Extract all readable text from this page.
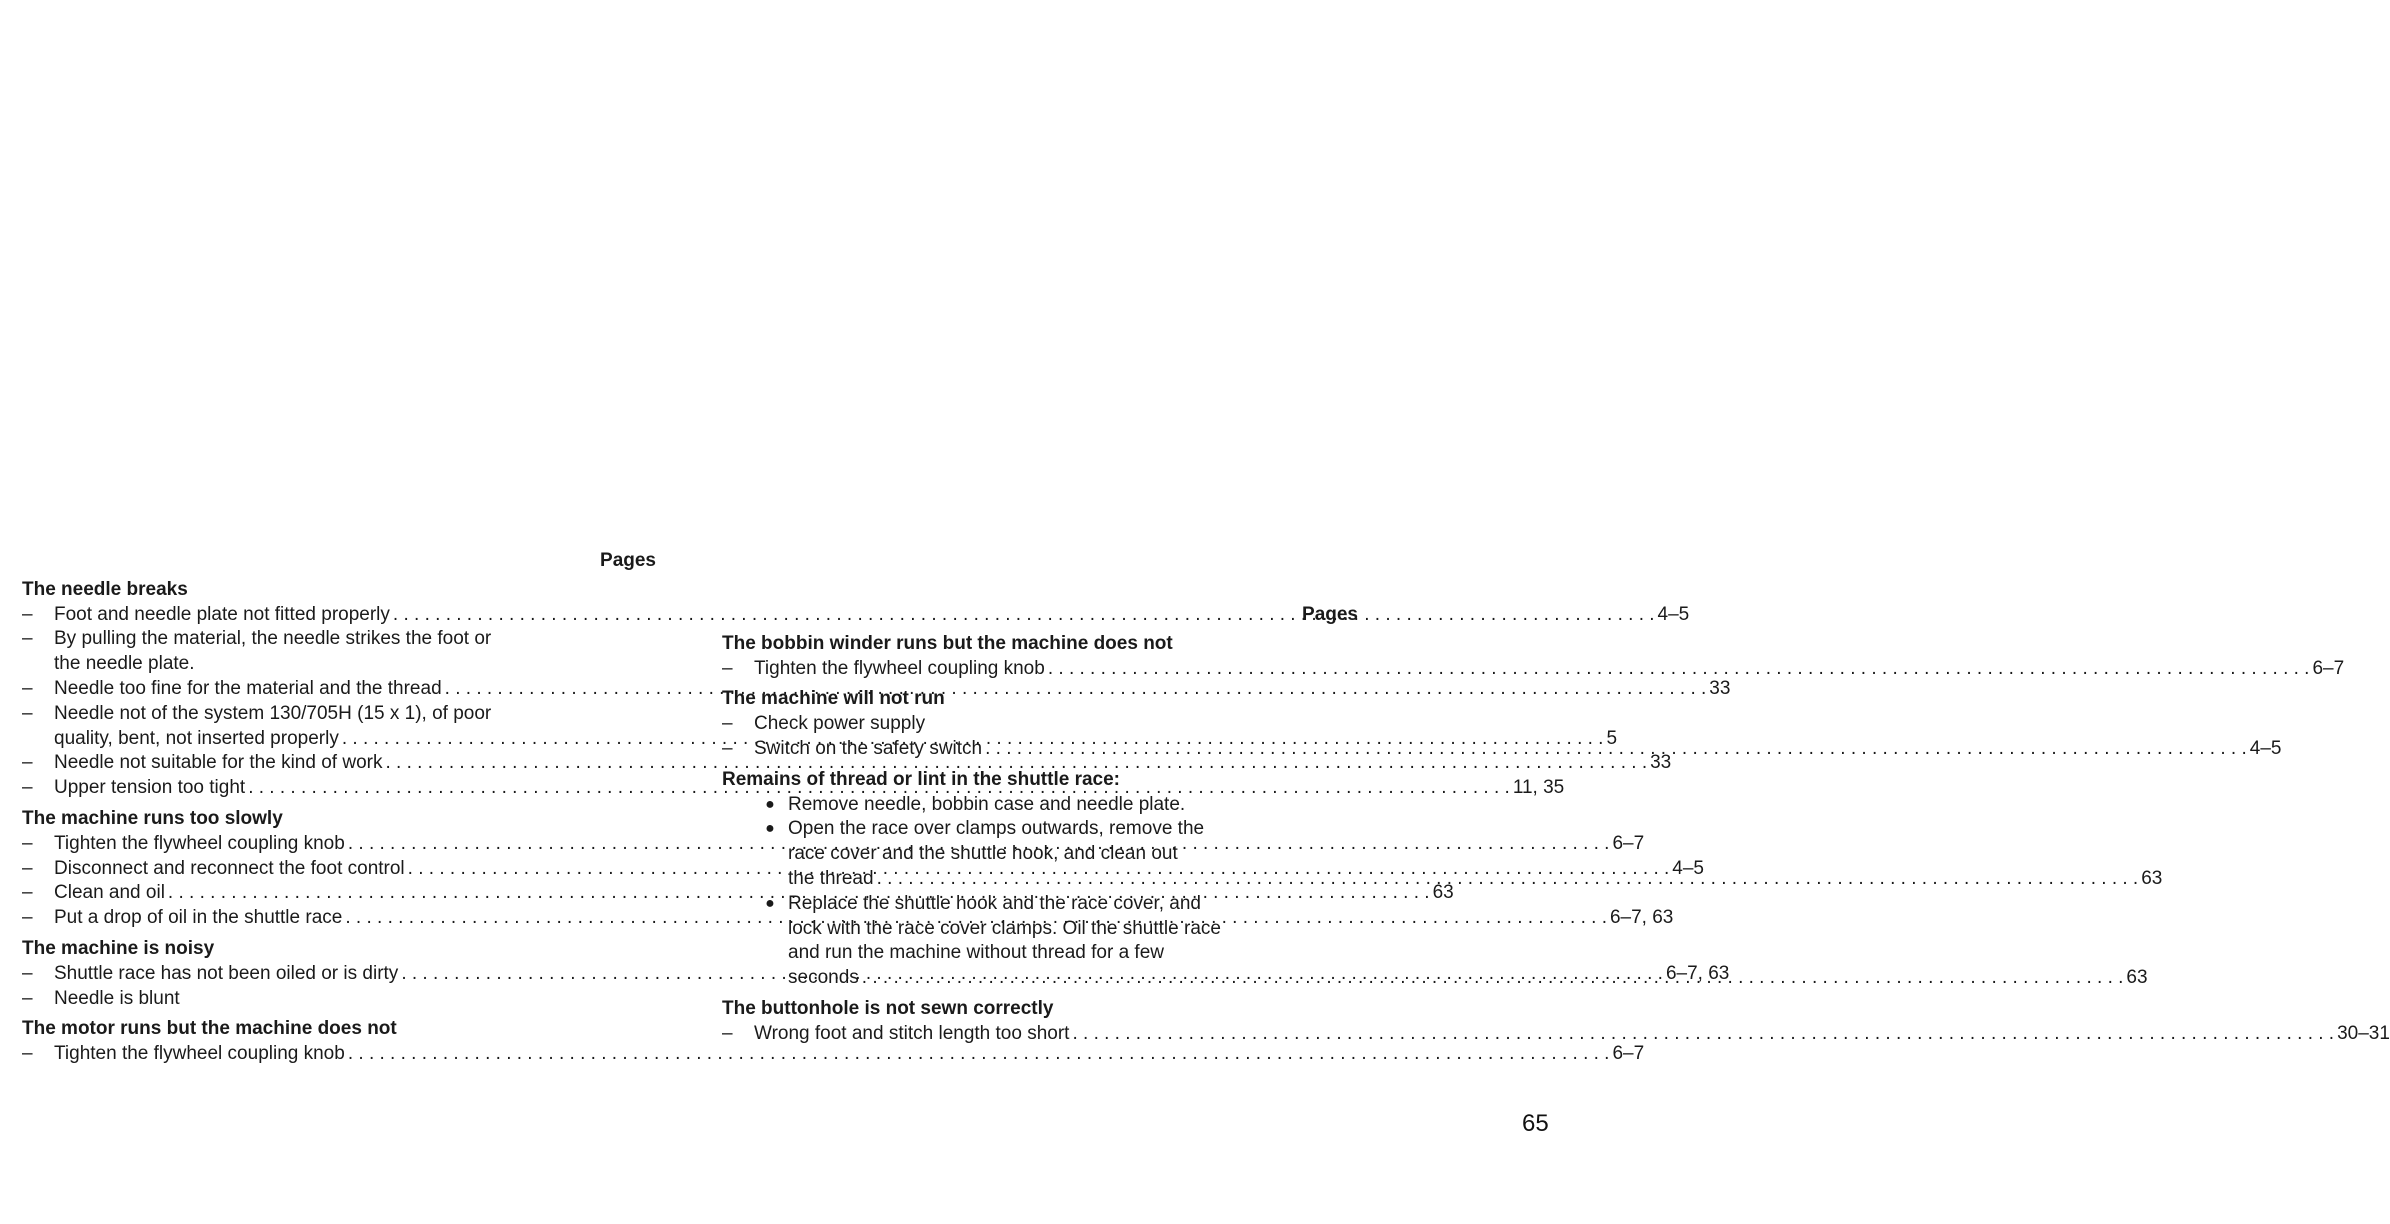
Pages
The needle breaks
–	Foot and needle plate not fitted properly . . .	4–5
–	By pulling the material, the needle strikes the foot or
the needle plate.
–	Needle too fine for the material and the thread . . .	33
–	Needle not of the system 130/705H (15 x 1), of poor
quality, bent, not inserted properly . . .	5
–	Needle not suitable for the kind of work . . .	33
–	Upper tension too tight . . .	11, 35
The machine runs too slowly
–	Tighten the flywheel coupling knob . . .	6–7
–	Disconnect and reconnect the foot control . . .	4–5
–	Clean and oil . . .	63
–	Put a drop of oil in the shuttle race . . .	6–7, 63
The machine is noisy
–	Shuttle race has not been oiled or is dirty . . .	6–7, 63
–	Needle is blunt
The motor runs but the machine does not
–	Tighten the flywheel coupling knob . . .	6–7
Pages
The bobbin winder runs but the machine does not
–	Tighten the flywheel coupling knob . . .	6–7
The machine will not run
–	Check power supply
–	Switch on the safety switch . . .	4–5
Remains of thread or lint in the shuttle race:
● Remove needle, bobbin case and needle plate.
● Open the race over clamps outwards, remove the
race cover and the shuttle hook, and clean out
the thread . . .	63
● Replace the shuttle hook and the race cover, and
lock with the race cover clamps. Oil the shuttle race
and run the machine without thread for a few
seconds . . .	63
The buttonhole is not sewn correctly
–	Wrong foot and stitch length too short . . .	30–31
65
